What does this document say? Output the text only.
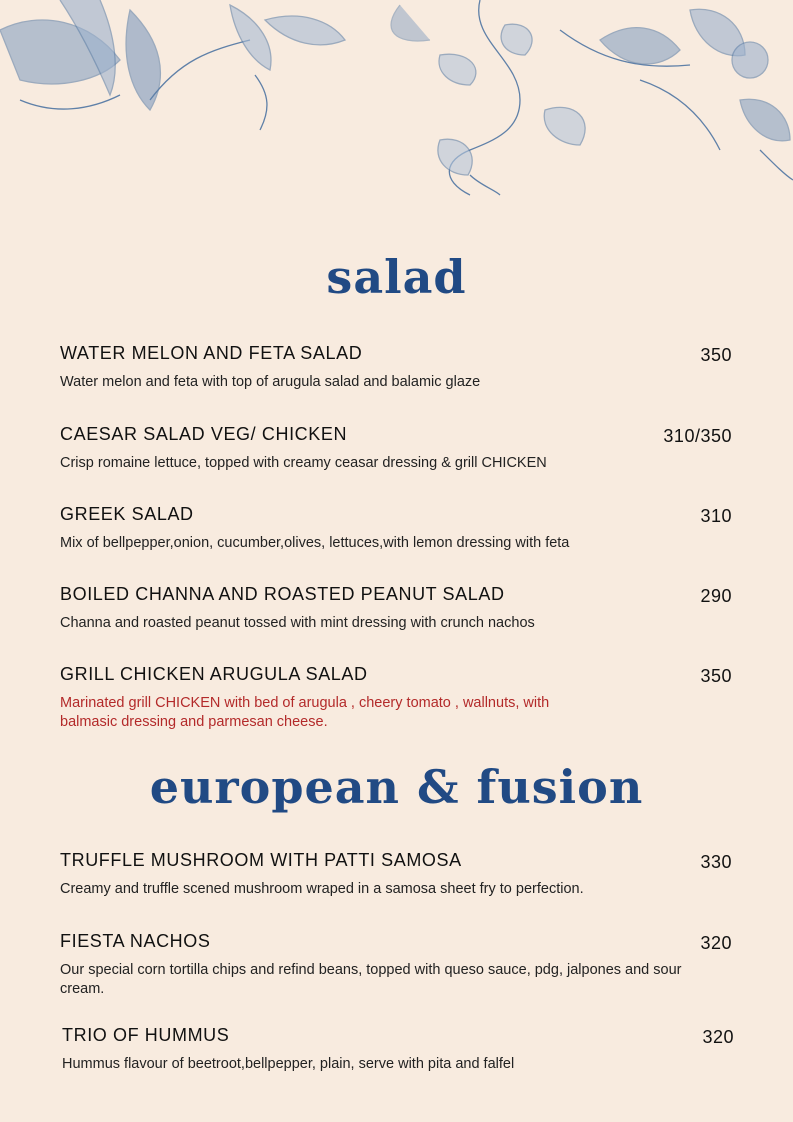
salad
WATER MELON AND FETA SALAD	350
Water melon and feta with top of arugula salad and balamic glaze
CAESAR SALAD VEG/ CHICKEN	310/350
Crisp romaine lettuce, topped with creamy ceasar dressing & grill CHICKEN
GREEK SALAD	310
Mix of bellpepper,onion, cucumber,olives, lettuces,with lemon dressing with feta
BOILED CHANNA AND ROASTED PEANUT SALAD	290
Channa and roasted peanut tossed with mint dressing with crunch nachos
GRILL CHICKEN ARUGULA SALAD	350
Marinated grill CHICKEN with bed of arugula , cheery tomato , wallnuts, with balmasic dressing and parmesan cheese.
european & fusion
TRUFFLE MUSHROOM WITH PATTI SAMOSA	330
Creamy and truffle scened mushroom wraped in a samosa sheet fry to perfection.
FIESTA NACHOS	320
Our special corn tortilla chips and refind beans, topped with queso sauce, pdg, jalpones and sour cream.
TRIO OF HUMMUS	320
Hummus flavour of beetroot,bellpepper, plain, serve with pita and falfel
